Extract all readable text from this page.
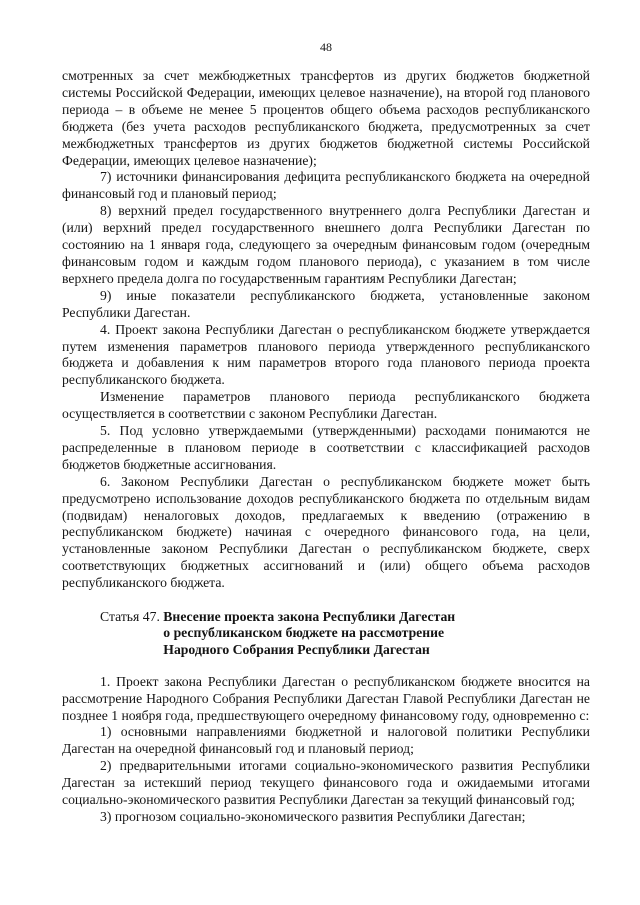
48

смотренных за счет межбюджетных трансфертов из других бюджетов бюджетной системы Российской Федерации, имеющих целевое назначение), на второй год планового периода – в объеме не менее 5 процентов общего объема расходов республиканского бюджета (без учета расходов республиканского бюджета, предусмотренных за счет межбюджетных трансфертов из других бюджетов бюджетной системы Российской Федерации, имеющих целевое назначение);

7) источники финансирования дефицита республиканского бюджета на очередной финансовый год и плановый период;

8) верхний предел государственного внутреннего долга Республики Дагестан и (или) верхний предел государственного внешнего долга Республики Дагестан по состоянию на 1 января года, следующего за очередным финансовым годом (очередным финансовым годом и каждым годом планового периода), с указанием в том числе верхнего предела долга по государственным гарантиям Республики Дагестан;

9) иные показатели республиканского бюджета, установленные законом Республики Дагестан.

4. Проект закона Республики Дагестан о республиканском бюджете утверждается путем изменения параметров планового периода утвержденного республиканского бюджета и добавления к ним параметров второго года планового периода проекта республиканского бюджета.

Изменение параметров планового периода республиканского бюджета осуществляется в соответствии с законом Республики Дагестан.

5. Под условно утверждаемыми (утвержденными) расходами понимаются не распределенные в плановом периоде в соответствии с классификацией расходов бюджетов бюджетные ассигнования.

6. Законом Республики Дагестан о республиканском бюджете может быть предусмотрено использование доходов республиканского бюджета по отдельным видам (подвидам) неналоговых доходов, предлагаемых к введению (отражению в республиканском бюджете) начиная с очередного финансового года, на цели, установленные законом Республики Дагестан о республиканском бюджете, сверх соответствующих бюджетных ассигнований и (или) общего объема расходов республиканского бюджета.

Статья 47. Внесение проекта закона Республики Дагестан
о республиканском бюджете на рассмотрение
Народного Собрания Республики Дагестан

1. Проект закона Республики Дагестан о республиканском бюджете вносится на рассмотрение Народного Собрания Республики Дагестан Главой Республики Дагестан не позднее 1 ноября года, предшествующего очередному финансовому году, одновременно с:

1) основными направлениями бюджетной и налоговой политики Республики Дагестан на очередной финансовый год и плановый период;

2) предварительными итогами социально-экономического развития Республики Дагестан за истекший период текущего финансового года и ожидаемыми итогами социально-экономического развития Республики Дагестан за текущий финансовый год;

3) прогнозом социально-экономического развития Республики Дагестан;
